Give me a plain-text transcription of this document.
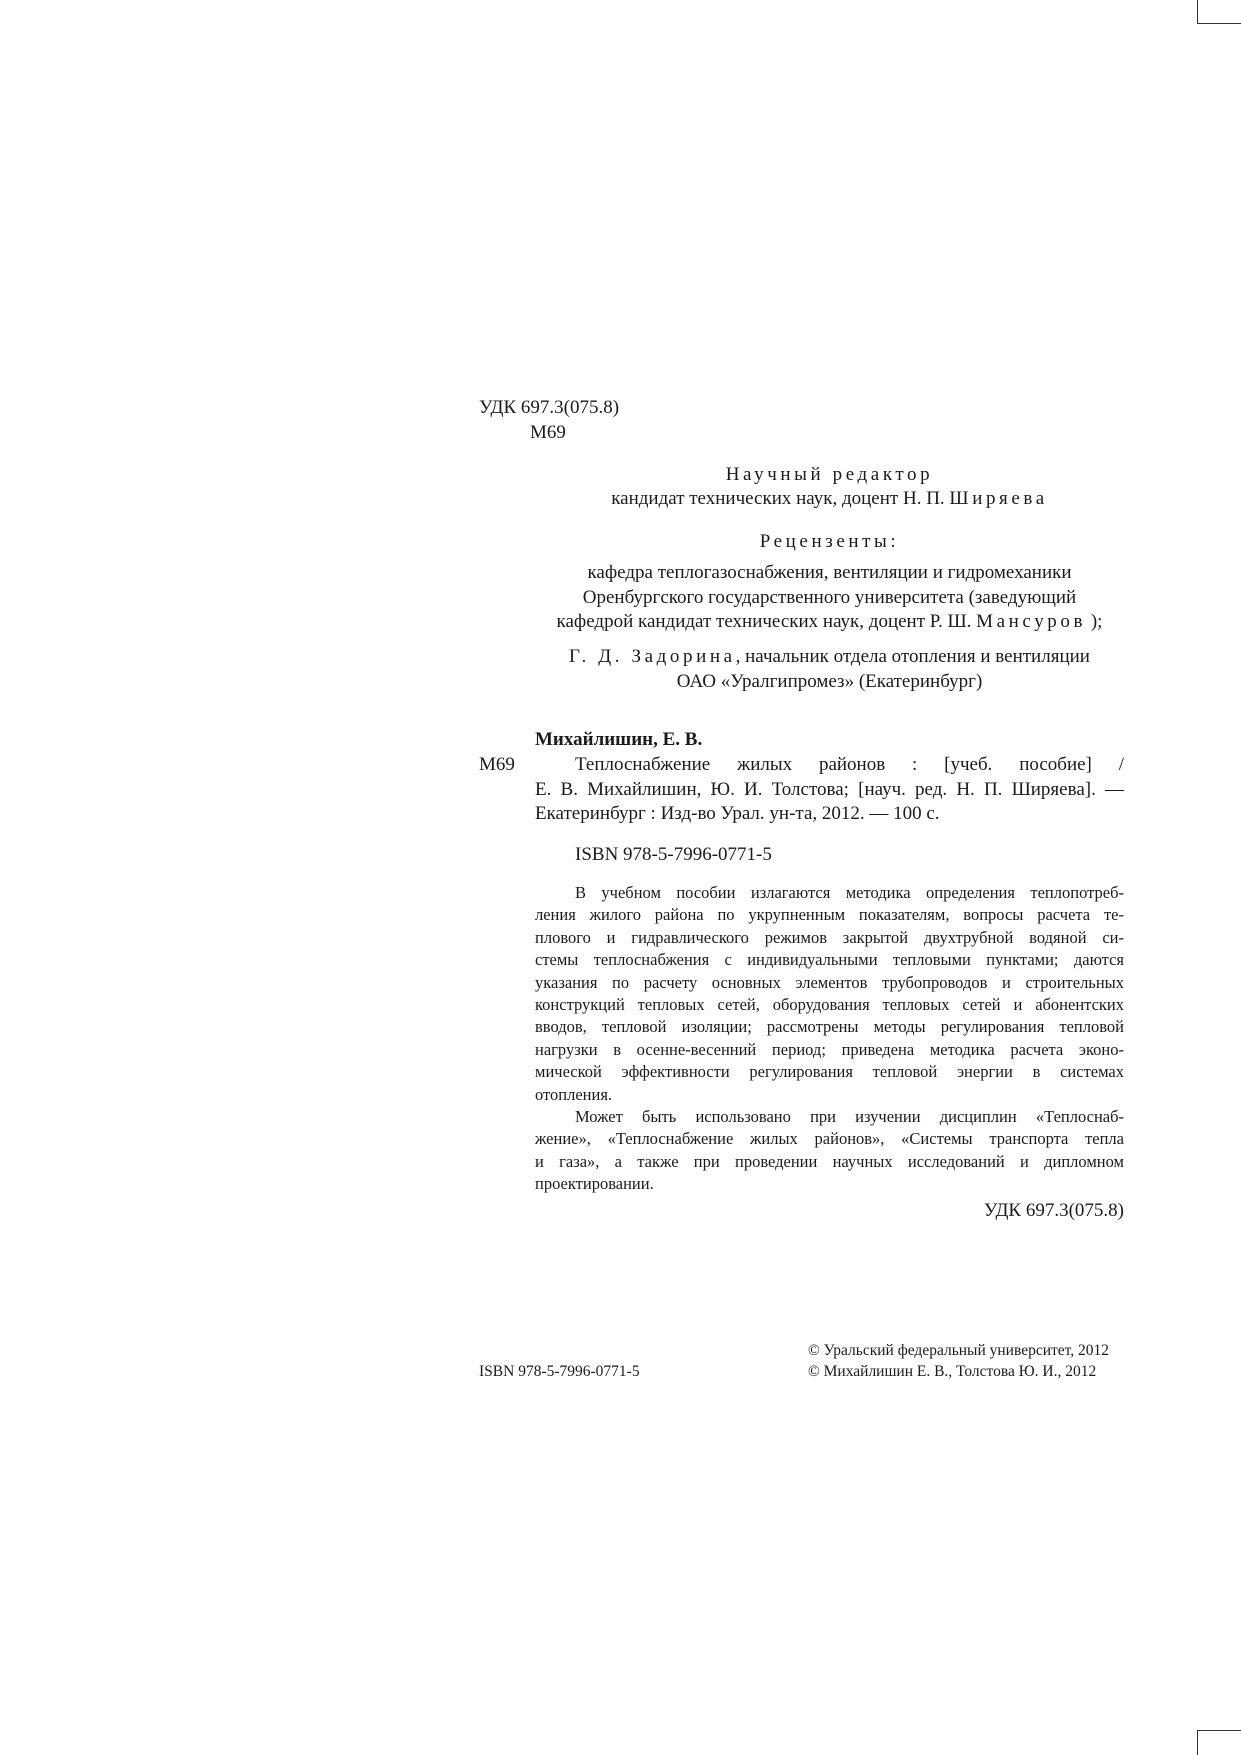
УДК 697.3(075.8)
М69
Научный редактор
кандидат технических наук, доцент Н. П. Ширяева
Рецензенты:
кафедра теплогазоснабжения, вентиляции и гидромеханики
Оренбургского государственного университета (заведующий
кафедрой кандидат технических наук, доцент Р. Ш. Мансуров );
Г. Д. Задорина, начальник отдела отопления и вентиляции
ОАО «Уралгипромез» (Екатеринбург)
Михайлишин, Е. В.
М69	Теплоснабжение жилых районов : [учеб. пособие] /
Е. В. Михайлишин, Ю. И. Толстова; [науч. ред. Н. П. Ширяева]. —
Екатеринбург : Изд-во Урал. ун-та, 2012. — 100 с.
ISBN 978-5-7996-0771-5
В учебном пособии излагаются методика определения теплопотреб-
ления жилого района по укрупненным показателям, вопросы расчета те-
плового и гидравлического режимов закрытой двухтрубной водяной си-
стемы теплоснабжения с индивидуальными тепловыми пунктами; даются
указания по расчету основных элементов трубопроводов и строительных
конструкций тепловых сетей, оборудования тепловых сетей и абонентских
вводов, тепловой изоляции; рассмотрены методы регулирования тепловой
нагрузки в осенне-весенний период; приведена методика расчета эконо-
мической эффективности регулирования тепловой энергии в системах
отопления.
Может быть использовано при изучении дисциплин «Теплоснаб-
жение», «Теплоснабжение жилых районов», «Системы транспорта тепла
и газа», а также при проведении научных исследований и дипломном
проектировании.
УДК 697.3(075.8)
ISBN 978-5-7996-0771-5
© Уральский федеральный университет, 2012
© Михайлишин Е. В., Толстова Ю. И., 2012
